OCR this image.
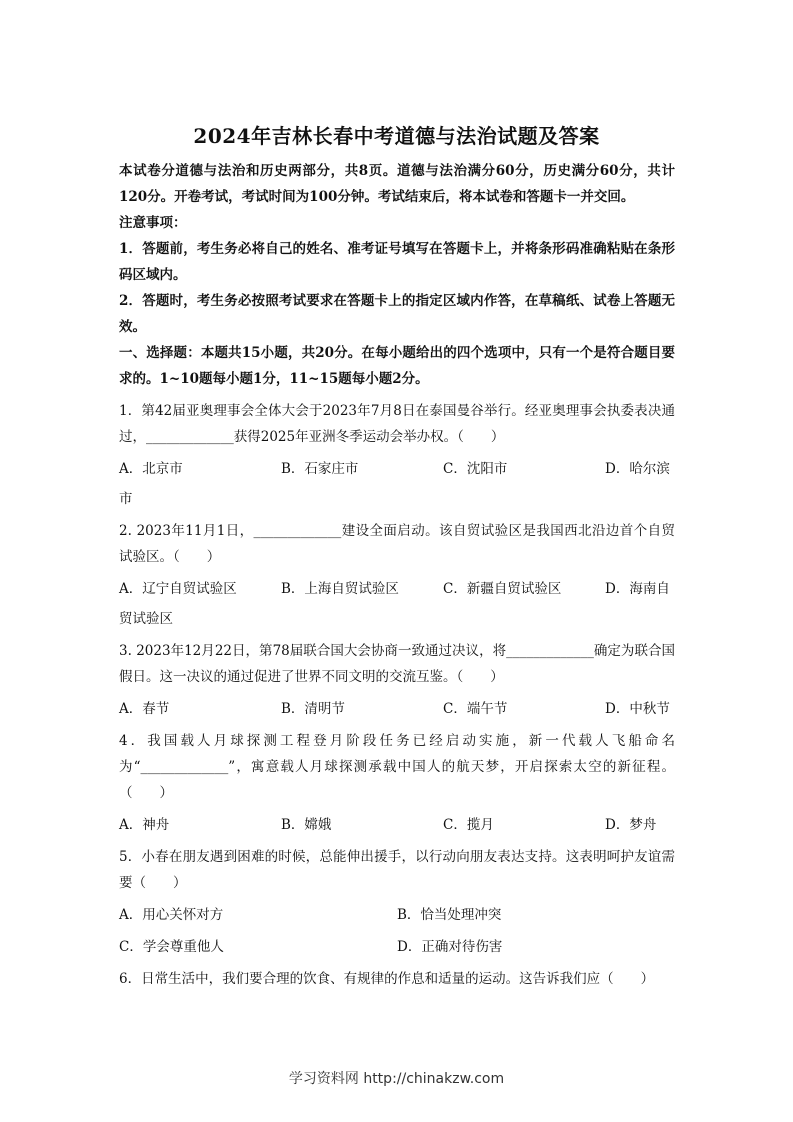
2024年吉林长春中考道德与法治试题及答案

本试卷分道德与法治和历史两部分，共8页。道德与法治满分60分，历史满分60分，共计120分。开卷考试，考试时间为100分钟。考试结束后，将本试卷和答题卡一并交回。

注意事项：

1．答题前，考生务必将自己的姓名、准考证号填写在答题卡上，并将条形码准确粘贴在条形码区域内。

2．答题时，考生务必按照考试要求在答题卡上的指定区域内作答，在草稿纸、试卷上答题无效。

一、选择题：本题共15小题，共20分。在每小题给出的四个选项中，只有一个是符合题目要求的。1~10题每小题1分，11~15题每小题2分。

1．第42届亚奥理事会全体大会于2023年7月8日在泰国曼谷举行。经亚奥理事会执委表决通过，_____________获得2025年亚洲冬季运动会举办权。（　　）

A．北京市	B．石家庄市	C．沈阳市	D．哈尔滨

市

2. 2023年11月1日，_____________建设全面启动。该自贸试验区是我国西北沿边首个自贸试验区。（　　）

A．辽宁自贸试验区	B．上海自贸试验区	C．新疆自贸试验区	D．海南自

贸试验区

3. 2023年12月22日，第78届联合国大会协商一致通过决议，将_____________确定为联合国假日。这一决议的通过促进了世界不同文明的交流互鉴。（　　）

A．春节	B．清明节	C．端午节	D．中秋节

4．我国载人月球探测工程登月阶段任务已经启动实施，新一代载人飞船命名为“_____________”，寓意载人月球探测承载中国人的航天梦，开启探索太空的新征程。（　　）

A．神舟	B．嫦娥	C．揽月	D．梦舟

5．小春在朋友遇到困难的时候，总能伸出援手，以行动向朋友表达支持。这表明呵护友谊需要（　　）

A．用心关怀对方	B．恰当处理冲突
C．学会尊重他人	D．正确对待伤害

6．日常生活中，我们要合理的饮食、有规律的作息和适量的运动。这告诉我们应（　　）

学习资料网 http://chinakzw.com
